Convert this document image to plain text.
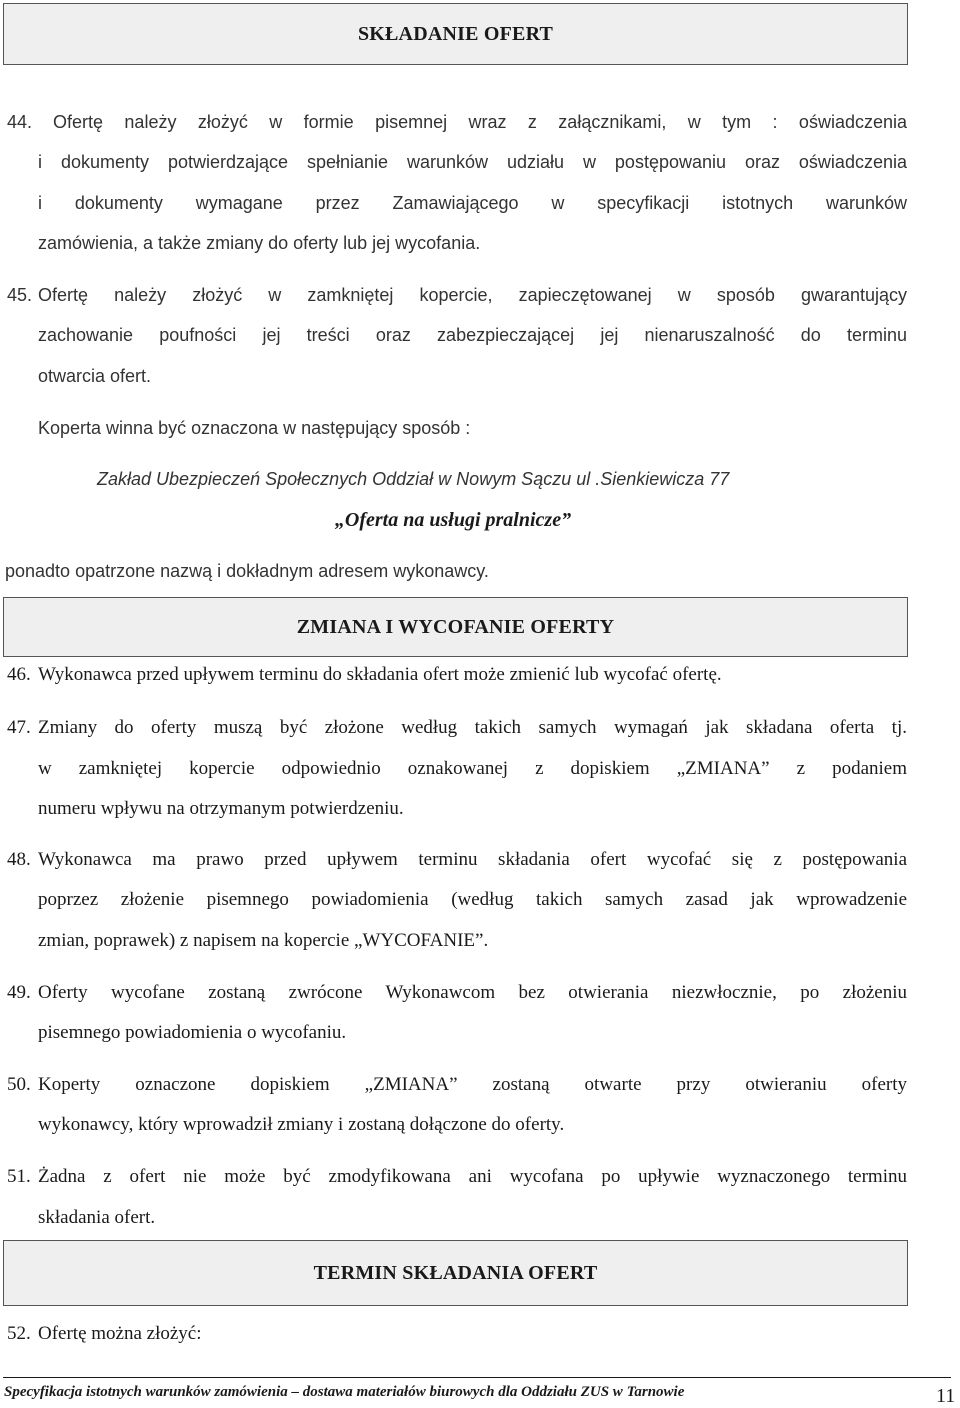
SKŁADANIE OFERT
44. Ofertę należy złożyć w formie pisemnej wraz z załącznikami, w tym : oświadczenia
i dokumenty potwierdzające spełnianie warunków udziału w postępowaniu oraz oświadczenia
i dokumenty wymagane przez Zamawiającego w specyfikacji istotnych warunków
zamówienia, a także zmiany do oferty lub jej wycofania.
45. Ofertę należy złożyć w zamkniętej kopercie, zapieczętowanej w sposób gwarantujący
zachowanie poufności jej treści oraz zabezpieczającej jej nienaruszalność do terminu
otwarcia ofert.
Koperta winna być oznaczona w następujący sposób :
Zakład Ubezpieczeń Społecznych Oddział w Nowym Sączu ul .Sienkiewicza 77
„Oferta na usługi pralnicze”
ponadto opatrzone nazwą i dokładnym adresem wykonawcy.
ZMIANA I WYCOFANIE OFERTY
46. Wykonawca przed upływem terminu do składania ofert może zmienić lub wycofać ofertę.
47. Zmiany do oferty muszą być złożone według takich samych wymagań jak składana oferta tj.
w zamkniętej kopercie odpowiednio oznakowanej z dopiskiem „ZMIANA” z podaniem
numeru wpływu na otrzymanym potwierdzeniu.
48. Wykonawca ma prawo przed upływem terminu składania ofert wycofać się z postępowania
poprzez złożenie pisemnego powiadomienia (według takich samych zasad jak wprowadzenie
zmian, poprawek) z napisem na kopercie „WYCOFANIE”.
49. Oferty wycofane zostaną zwrócone Wykonawcom bez otwierania niezwłocznie, po złożeniu
pisemnego powiadomienia o wycofaniu.
50. Koperty oznaczone dopiskiem „ZMIANA” zostaną otwarte przy otwieraniu oferty
wykonawcy, który wprowadził zmiany i zostaną dołączone do oferty.
51. Żadna z ofert nie może być zmodyfikowana ani wycofana po upływie wyznaczonego terminu
składania ofert.
TERMIN SKŁADANIA OFERT
52. Ofertę można złożyć:
Specyfikacja istotnych warunków zamówienia – dostawa materiałów biurowych dla Oddziału ZUS w Tarnowie	11
